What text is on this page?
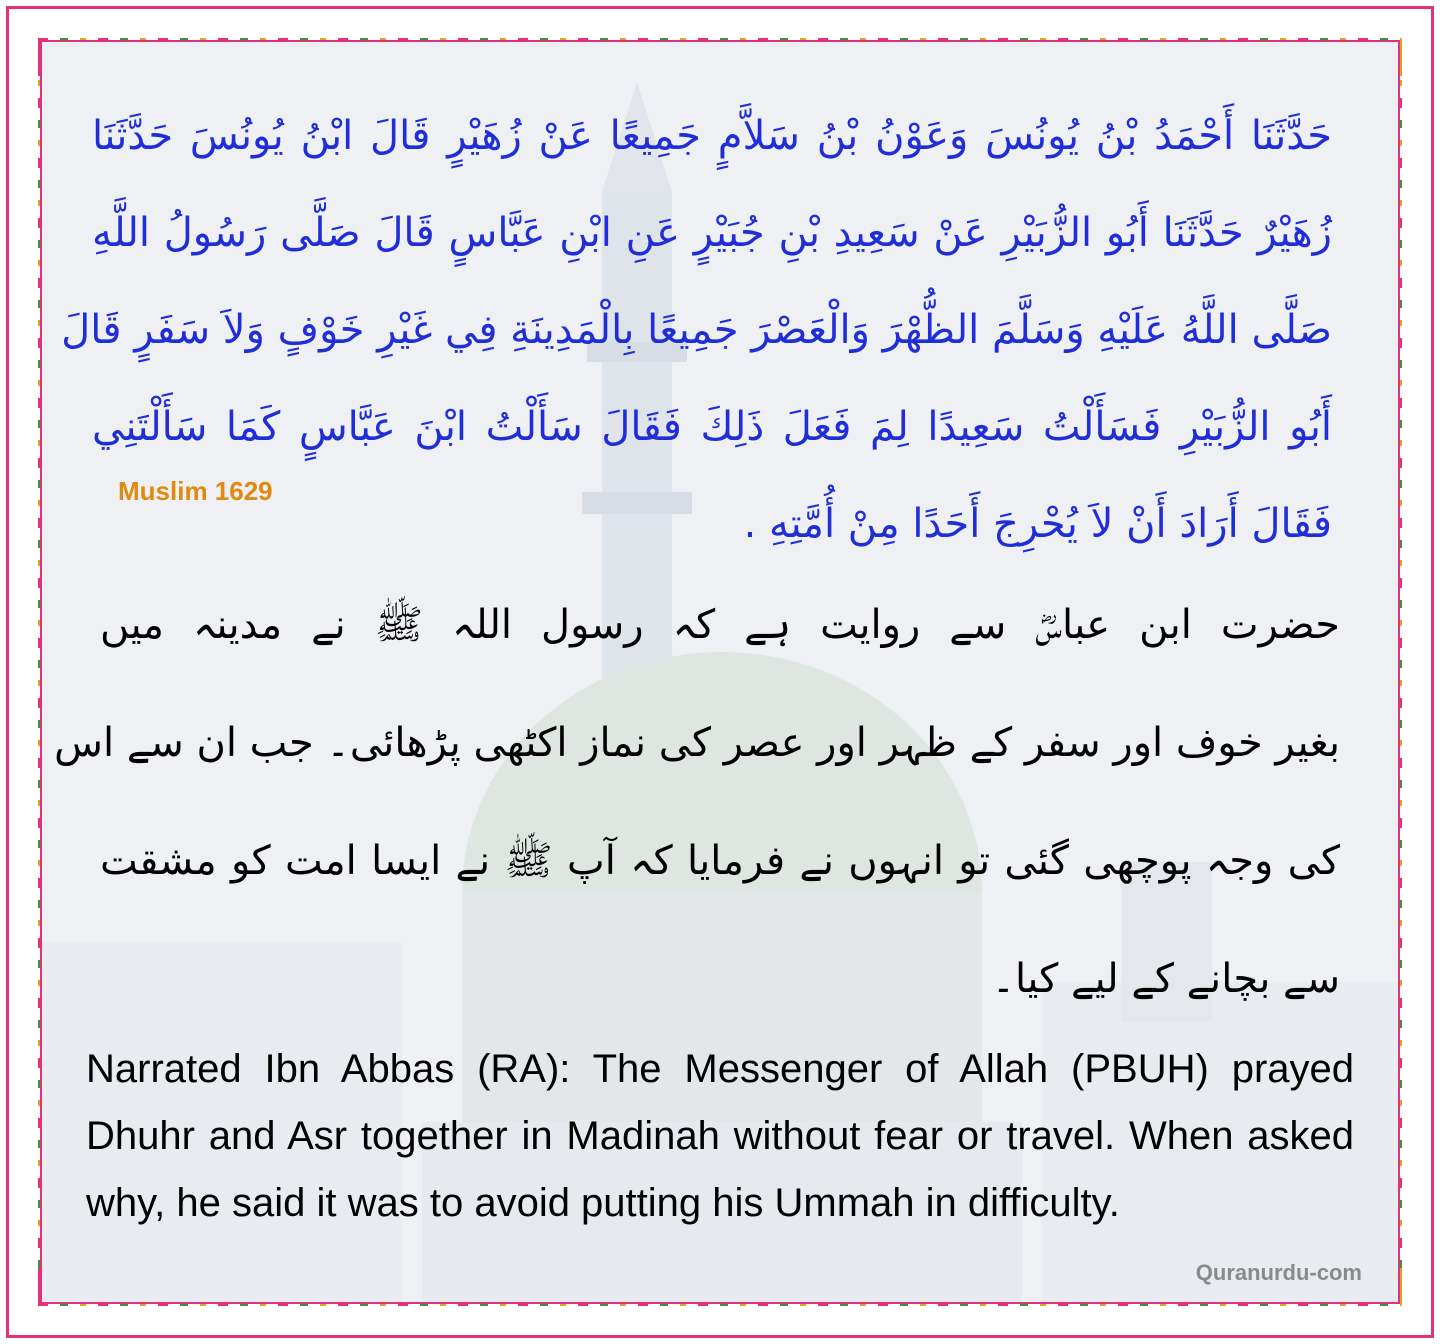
حَدَّثَنَا أَحْمَدُ بْنُ يُونُسَ وَعَوْنُ بْنُ سَلاَّمٍ جَمِيعًا عَنْ زُهَيْرٍ قَالَ ابْنُ يُونُسَ حَدَّثَنَا
زُهَيْرٌ حَدَّثَنَا أَبُو الزُّبَيْرِ عَنْ سَعِيدِ بْنِ جُبَيْرٍ عَنِ ابْنِ عَبَّاسٍ قَالَ صَلَّى رَسُولُ اللَّهِ
صَلَّى اللَّهُ عَلَيْهِ وَسَلَّمَ الظُّهْرَ وَالْعَصْرَ جَمِيعًا بِالْمَدِينَةِ فِي غَيْرِ خَوْفٍ وَلاَ سَفَرٍ قَالَ
أَبُو الزُّبَيْرِ فَسَأَلْتُ سَعِيدًا لِمَ فَعَلَ ذَلِكَ فَقَالَ سَأَلْتُ ابْنَ عَبَّاسٍ كَمَا سَأَلْتَنِي
فَقَالَ أَرَادَ أَنْ لاَ يُحْرِجَ أَحَدًا مِنْ أُمَّتِهِ .
Muslim 1629
حضرت ابن عباسؓ سے روایت ہے کہ رسول اللہ ﷺ نے مدینہ میں
بغیر خوف اور سفر کے ظہر اور عصر کی نماز اکٹھی پڑھائی۔ جب ان سے اس
کی وجہ پوچھی گئی تو انہوں نے فرمایا کہ آپ ﷺ نے ایسا امت کو مشقت
سے بچانے کے لیے کیا۔
Narrated Ibn Abbas (RA): The Messenger of Allah (PBUH) prayed Dhuhr and Asr together in Madinah without fear or travel. When asked why, he said it was to avoid putting his Ummah in difficulty.
Quranurdu-com
